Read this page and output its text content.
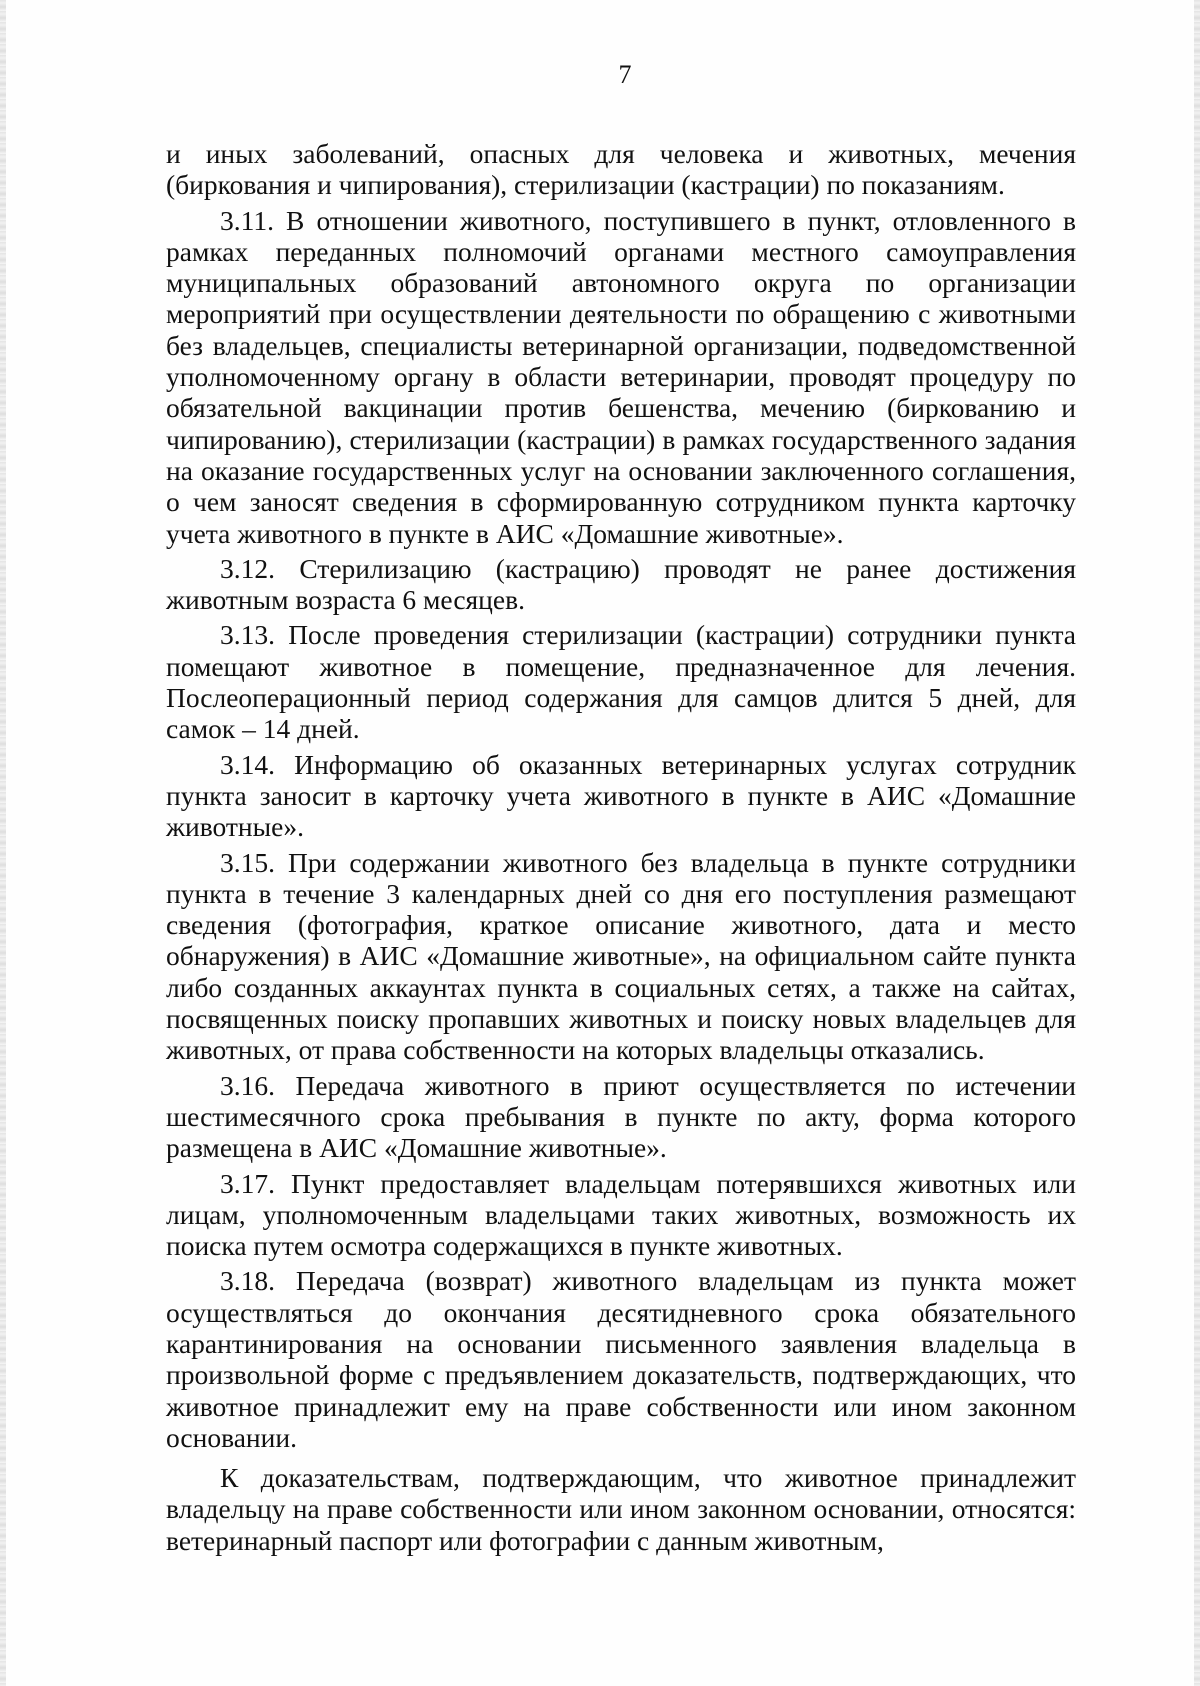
7

и иных заболеваний, опасных для человека и животных, мечения (биркования и чипирования), стерилизации (кастрации) по показаниям.

3.11. В отношении животного, поступившего в пункт, отловленного в рамках переданных полномочий органами местного самоуправления муниципальных образований автономного округа по организации мероприятий при осуществлении деятельности по обращению с животными без владельцев, специалисты ветеринарной организации, подведомственной уполномоченному органу в области ветеринарии, проводят процедуру по обязательной вакцинации против бешенства, мечению (биркованию и чипированию), стерилизации (кастрации) в рамках государственного задания на оказание государственных услуг на основании заключенного соглашения, о чем заносят сведения в сформированную сотрудником пункта карточку учета животного в пункте в АИС «Домашние животные».

3.12. Стерилизацию (кастрацию) проводят не ранее достижения животным возраста 6 месяцев.

3.13. После проведения стерилизации (кастрации) сотрудники пункта помещают животное в помещение, предназначенное для лечения. Послеоперационный период содержания для самцов длится 5 дней, для самок – 14 дней.

3.14. Информацию об оказанных ветеринарных услугах сотрудник пункта заносит в карточку учета животного в пункте в АИС «Домашние животные».

3.15. При содержании животного без владельца в пункте сотрудники пункта в течение 3 календарных дней со дня его поступления размещают сведения (фотография, краткое описание животного, дата и место обнаружения) в АИС «Домашние животные», на официальном сайте пункта либо созданных аккаунтах пункта в социальных сетях, а также на сайтах, посвященных поиску пропавших животных и поиску новых владельцев для животных, от права собственности на которых владельцы отказались.

3.16. Передача животного в приют осуществляется по истечении шестимесячного срока пребывания в пункте по акту, форма которого размещена в АИС «Домашние животные».

3.17. Пункт предоставляет владельцам потерявшихся животных или лицам, уполномоченным владельцами таких животных, возможность их поиска путем осмотра содержащихся в пункте животных.

3.18. Передача (возврат) животного владельцам из пункта может осуществляться до окончания десятидневного срока обязательного карантинирования на основании письменного заявления владельца в произвольной форме с предъявлением доказательств, подтверждающих, что животное принадлежит ему на праве собственности или ином законном основании.

К доказательствам, подтверждающим, что животное принадлежит владельцу на праве собственности или ином законном основании, относятся: ветеринарный паспорт или фотографии с данным животным,
